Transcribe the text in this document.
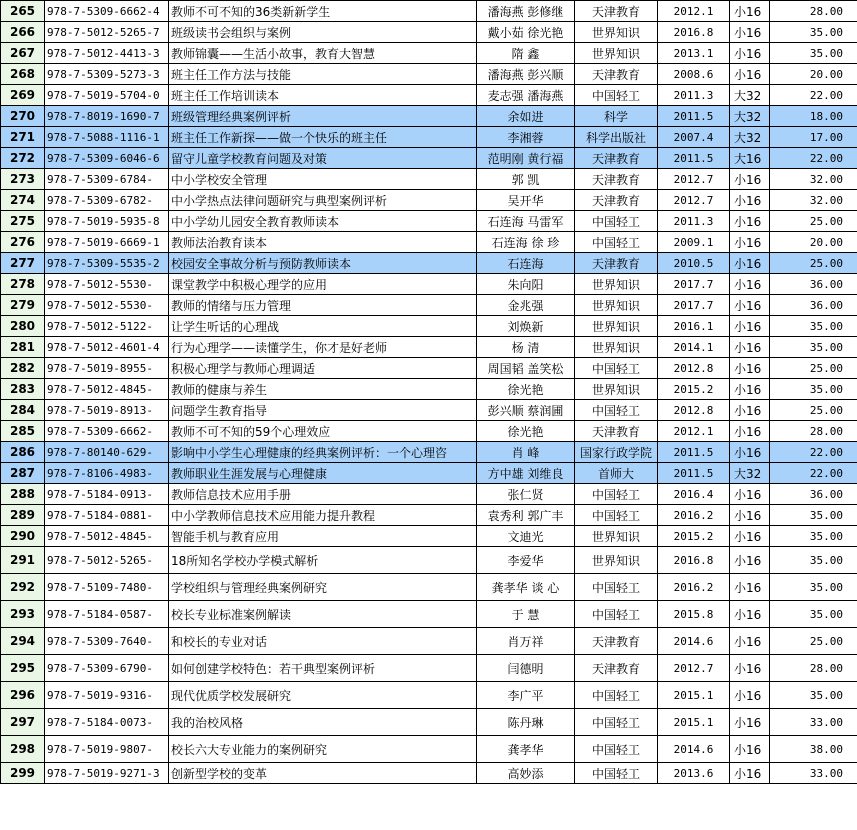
265	978-7-5309-6662-4	教师不可不知的36类新新学生	潘海燕 彭修继	天津教育	2012.1	小16	28.00
266	978-7-5012-5265-7	班级读书会组织与案例	戴小茹 徐光艳	世界知识	2016.8	小16	35.00
267	978-7-5012-4413-3	教师锦囊——生活小故事，教育大智慧	隋 鑫	世界知识	2013.1	小16	35.00
268	978-7-5309-5273-3	班主任工作方法与技能	潘海燕 彭兴顺	天津教育	2008.6	小16	20.00
269	978-7-5019-5704-0	班主任工作培训读本	麦志强 潘海燕	中国轻工	2011.3	大32	22.00
270	978-7-8019-1690-7	班级管理经典案例评析	余如进	科学	2011.5	大32	18.00
271	978-7-5088-1116-1	班主任工作新探——做一个快乐的班主任	李湘蓉	科学出版社	2007.4	大32	17.00
272	978-7-5309-6046-6	留守儿童学校教育问题及对策	范明刚 黄行福	天津教育	2011.5	大16	22.00
273	978-7-5309-6784-	中小学校安全管理	郭 凯	天津教育	2012.7	小16	32.00
274	978-7-5309-6782-	中小学热点法律问题研究与典型案例评析	吴开华	天津教育	2012.7	小16	32.00
275	978-7-5019-5935-8	中小学幼儿园安全教育教师读本	石连海 马雷军	中国轻工	2011.3	小16	25.00
276	978-7-5019-6669-1	教师法治教育读本	石连海 徐 珍	中国轻工	2009.1	小16	20.00
277	978-7-5309-5535-2	校园安全事故分析与预防教师读本	石连海	天津教育	2010.5	小16	25.00
278	978-7-5012-5530-	课堂教学中积极心理学的应用	朱向阳	世界知识	2017.7	小16	36.00
279	978-7-5012-5530-	教师的情绪与压力管理	金兆强	世界知识	2017.7	小16	36.00
280	978-7-5012-5122-	让学生听话的心理战	刘焕新	世界知识	2016.1	小16	35.00
281	978-7-5012-4601-4	行为心理学——读懂学生，你才是好老师	杨 清	世界知识	2014.1	小16	35.00
282	978-7-5019-8955-	积极心理学与教师心理调适	周国韬 盖笑松	中国轻工	2012.8	小16	25.00
283	978-7-5012-4845-	教师的健康与养生	徐光艳	世界知识	2015.2	小16	35.00
284	978-7-5019-8913-	问题学生教育指导	彭兴顺 蔡润圃	中国轻工	2012.8	小16	25.00
285	978-7-5309-6662-	教师不可不知的59个心理效应	徐光艳	天津教育	2012.1	小16	28.00
286	978-7-80140-629-	影响中小学生心理健康的经典案例评析：一个心理咨	肖 峰	国家行政学院	2011.5	小16	22.00
287	978-7-8106-4983-	教师职业生涯发展与心理健康	方中雄 刘维良	首师大	2011.5	大32	22.00
288	978-7-5184-0913-	教师信息技术应用手册	张仁贤	中国轻工	2016.4	小16	36.00
289	978-7-5184-0881-	中小学教师信息技术应用能力提升教程	袁秀利 郭广丰	中国轻工	2016.2	小16	35.00
290	978-7-5012-4845-	智能手机与教育应用	文迪光	世界知识	2015.2	小16	35.00
291	978-7-5012-5265-	18所知名学校办学模式解析	李爱华	世界知识	2016.8	小16	35.00
292	978-7-5109-7480-	学校组织与管理经典案例研究	龚孝华 谈 心	中国轻工	2016.2	小16	35.00
293	978-7-5184-0587-	校长专业标准案例解读	于 慧	中国轻工	2015.8	小16	35.00
294	978-7-5309-7640-	和校长的专业对话	肖万祥	天津教育	2014.6	小16	25.00
295	978-7-5309-6790-	如何创建学校特色：若干典型案例评析	闫德明	天津教育	2012.7	小16	28.00
296	978-7-5019-9316-	现代优质学校发展研究	李广平	中国轻工	2015.1	小16	35.00
297	978-7-5184-0073-	我的治校风格	陈丹琳	中国轻工	2015.1	小16	33.00
298	978-7-5019-9807-	校长六大专业能力的案例研究	龚孝华	中国轻工	2014.6	小16	38.00
299	978-7-5019-9271-3	创新型学校的变革	高妙添	中国轻工	2013.6	小16	33.00
